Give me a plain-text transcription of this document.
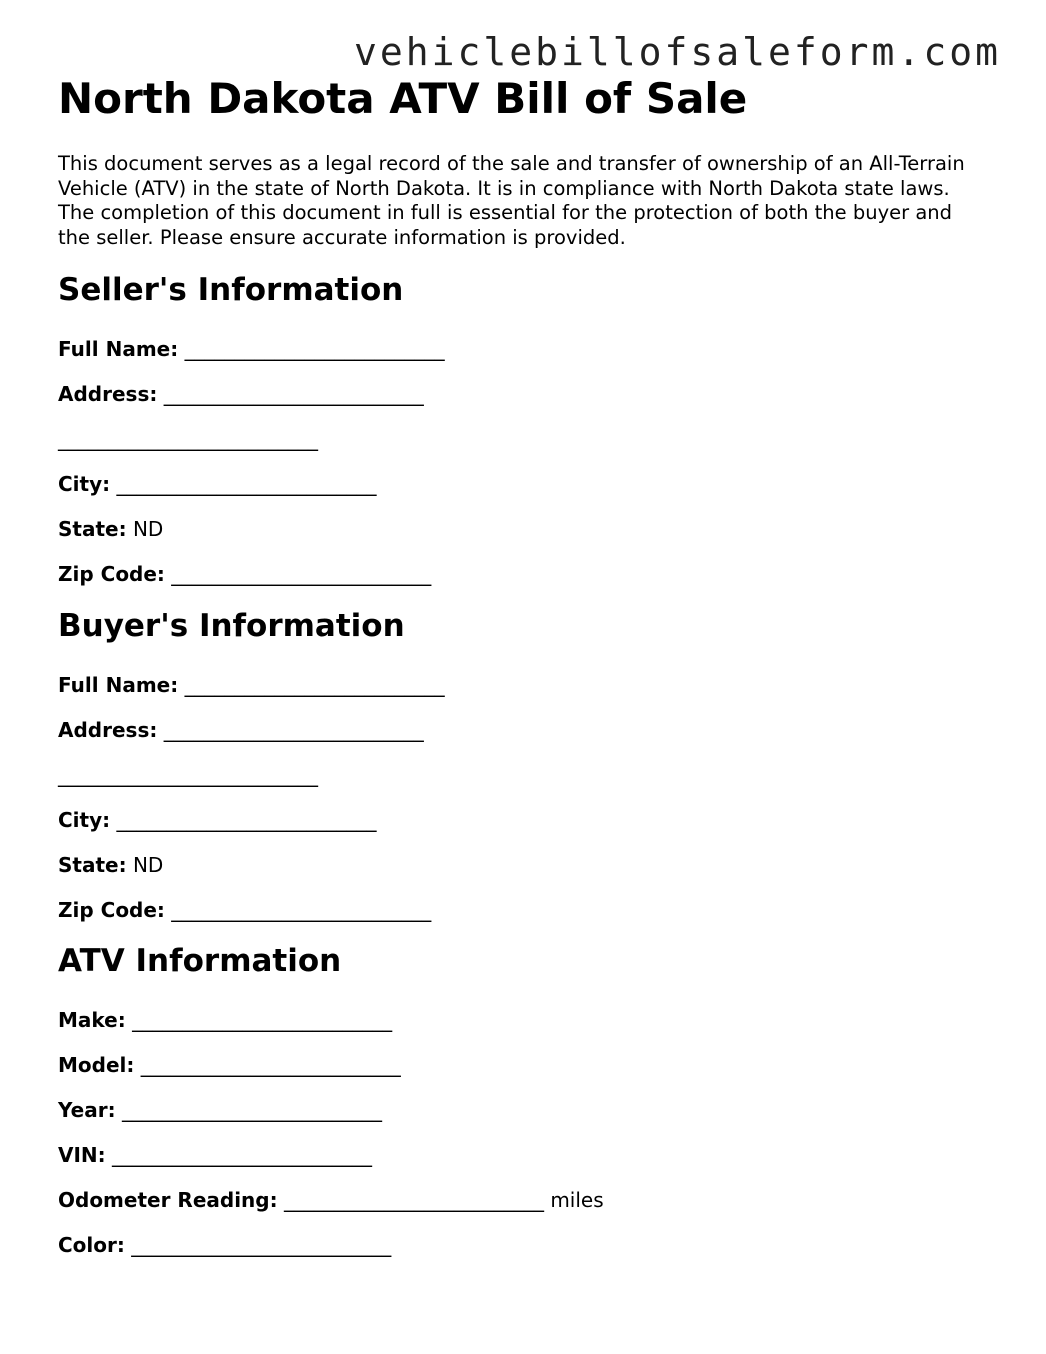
vehiclebillofsaleform.com
North Dakota ATV Bill of Sale

This document serves as a legal record of the sale and transfer of ownership of an All-Terrain Vehicle (ATV) in the state of North Dakota. It is in compliance with North Dakota state laws. The completion of this document in full is essential for the protection of both the buyer and the seller. Please ensure accurate information is provided.

Seller's Information
Full Name: __________________________
Address: __________________________
__________________________
City: __________________________
State: ND
Zip Code: __________________________
Buyer's Information
Full Name: __________________________
Address: __________________________
__________________________
City: __________________________
State: ND
Zip Code: __________________________
ATV Information
Make: __________________________
Model: __________________________
Year: __________________________
VIN: __________________________
Odometer Reading: __________________________ miles
Color: __________________________
